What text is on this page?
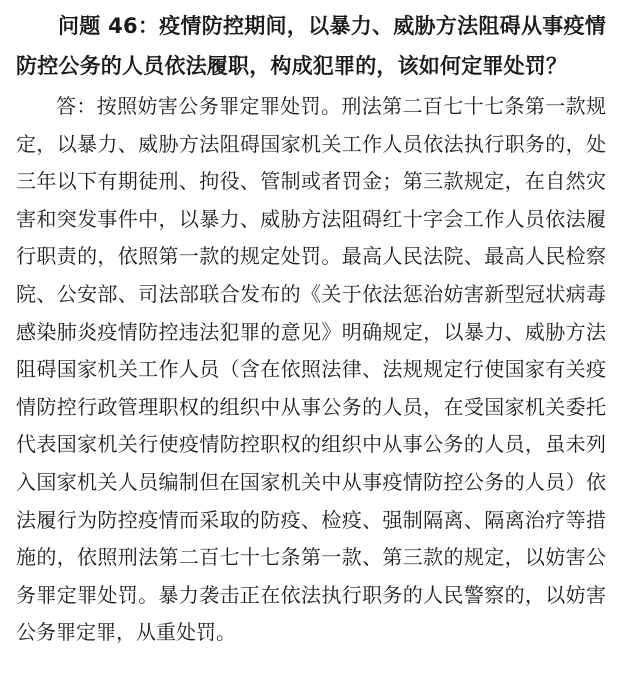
问题 46：疫情防控期间，以暴力、威胁方法阻碍从事疫情防控公务的人员依法履职，构成犯罪的，该如何定罪处罚？

答：按照妨害公务罪定罪处罚。刑法第二百七十七条第一款规定，以暴力、威胁方法阻碍国家机关工作人员依法执行职务的，处三年以下有期徒刑、拘役、管制或者罚金；第三款规定，在自然灾害和突发事件中，以暴力、威胁方法阻碍红十字会工作人员依法履行职责的，依照第一款的规定处罚。最高人民法院、最高人民检察院、公安部、司法部联合发布的《关于依法惩治妨害新型冠状病毒感染肺炎疫情防控违法犯罪的意见》明确规定，以暴力、威胁方法阻碍国家机关工作人员（含在依照法律、法规规定行使国家有关疫情防控行政管理职权的组织中从事公务的人员，在受国家机关委托代表国家机关行使疫情防控职权的组织中从事公务的人员，虽未列入国家机关人员编制但在国家机关中从事疫情防控公务的人员）依法履行为防控疫情而采取的防疫、检疫、强制隔离、隔离治疗等措施的，依照刑法第二百七十七条第一款、第三款的规定，以妨害公务罪定罪处罚。暴力袭击正在依法执行职务的人民警察的，以妨害公务罪定罪，从重处罚。
